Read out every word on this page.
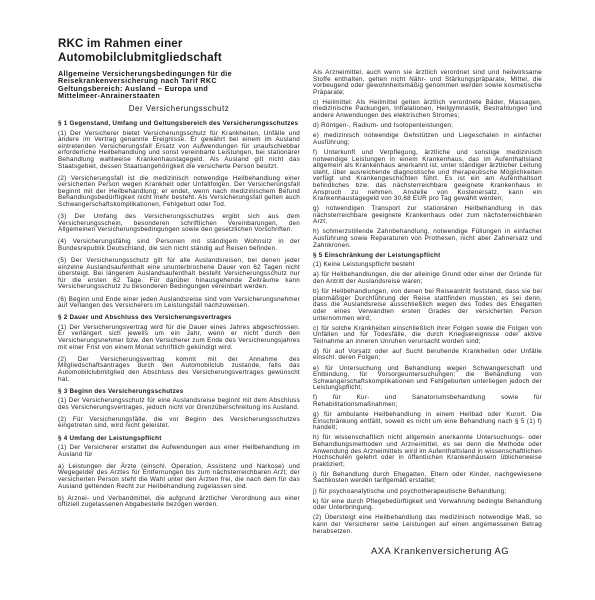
RKC im Rahmen einer
Automobilclubmitgliedschaft
Allgemeine Versicherungsbedingungen für die
Reisekrankenversicherung nach Tarif RKC
Geltungsbereich: Ausland – Europa und
Mittelmeer-Anrainerstaaten
Der Versicherungsschutz

§ 1 Gegenstand, Umfang und Geltungsbereich des Versicherungsschutzes

(1) Der Versicherer bietet Versicherungsschutz für Krankheiten, Unfälle und andere im Vertrag genannte Ereignisse. Er gewährt bei einem im Ausland eintretenden Versicherungsfall Ersatz von Aufwendungen für unaufschiebbar erforderliche Heilbehandlung und sonst vereinbarte Leistungen, bei stationärer Behandlung wahlweise Krankenhaustagegeld. Als Ausland gilt nicht das Staatsgebiet, dessen Staatsangehörigkeit die versicherte Person besitzt.

(2) Versicherungsfall ist die medizinisch notwendige Heilbehandlung einer versicherten Person wegen Krankheit oder Unfallfolgen. Der Versicherungsfall beginnt mit der Heilbehandlung; er endet, wenn nach medizinischem Befund Behandlungsbedürftigkeit nicht mehr besteht. Als Versicherungsfall gelten auch Schwangerschaftskomplikationen, Fehlgeburt oder Tod.

(3) Der Umfang des Versicherungsschutzes ergibt sich aus dem Versicherungsschein, besonderen schriftlichen Vereinbarungen, den Allgemeinen Versicherungsbedingungen sowie den gesetzlichen Vorschriften.

(4) Versicherungsfähig sind Personen mit ständigem Wohnsitz in der Bundesrepublik Deutschland, die sich nicht ständig auf Reisen befinden.

(5) Der Versicherungsschutz gilt für alle Auslandsreisen, bei denen jeder einzelne Auslandsaufenthalt eine ununterbrochene Dauer von 62 Tagen nicht übersteigt. Bei längerem Auslandsaufenthalt besteht Versicherungsschutz nur für die ersten 62 Tage. Für darüber hinausgehende Zeiträume kann Versicherungsschutz zu besonderen Bedingungen vereinbart werden.

(6) Beginn und Ende einer jeden Auslandsreise sind vom Versicherungsnehmer auf Verlangen des Versicherers im Leistungsfall nachzuweisen.

§ 2 Dauer und Abschluss des Versicherungsvertrages

(1) Der Versicherungsvertrag wird für die Dauer eines Jahres abgeschlossen. Er verlängert sich jeweils um ein Jahr, wenn er nicht durch den Versicherungsnehmer bzw. den Versicherer zum Ende des Versicherungsjahres mit einer Frist von einem Monat schriftlich gekündigt wird.

(2) Der Versicherungsvertrag kommt mit der Annahme des Mitgliedschaftsantrages durch den Automobilclub zustande, falls das Automobilclubmitglied den Abschluss des Versicherungsvertrages gewünscht hat.

§ 3 Beginn des Versicherungsschutzes

(1) Der Versicherungsschutz für eine Auslandsreise beginnt mit dem Abschluss des Versicherungsvertrages, jedoch nicht vor Grenzüberschreitung ins Ausland.

(2) Für Versicherungsfälle, die vor Beginn des Versicherungsschutzes eingetreten sind, wird nicht geleistet.

§ 4 Umfang der Leistungspflicht

(1) Der Versicherer erstattet die Aufwendungen aus einer Heilbehandlung im Ausland für

a) Leistungen der Ärzte (einschl. Operation, Assistenz und Narkose) und Wegegelder des Arztes für Entfernungen bis zum nächsterreichbaren Arzt; der versicherten Person steht die Wahl unter den Ärzten frei, die nach dem für das Ausland geltenden Recht zur Heilbehandlung zugelassen sind.

b) Arznei- und Verbandmittel, die aufgrund ärztlicher Verordnung aus einer offiziell zugelassenen Abgabestelle bezogen werden.

Als Arzneimittel, auch wenn sie ärztlich verordnet sind und heilwirksame Stoffe enthalten, gelten nicht Nähr- und Stärkungspräparate, Mittel, die vorbeugend oder gewohnheitsmäßig genommen werden sowie kosmetische Präparate;

c) Heilmittel: Als Heilmittel gelten ärztlich verordnete Bäder, Massagen, medizinische Packungen, Inhalationen, Heilgymnastik, Bestrahlungen und andere Anwendungen des elektrischen Stromes;

d) Röntgen-, Radium- und Isotopenleistungen;

e) medizinisch notwendige Gehstützen und Liegeschalen in einfacher Ausführung;

f) Unterkunft und Verpflegung, ärztliche und sonstige medizinisch notwendige Leistungen in einem Krankenhaus, das im Aufenthaltsland allgemein als Krankenhaus anerkannt ist, unter ständiger ärztlicher Leitung steht, über ausreichende diagnostische und therapeutische Möglichkeiten verfügt und Krankengeschichten führt. Es ist ein am Aufenthaltsort befindliches bzw. das nächsterreichbare geeignete Krankenhaus in Anspruch zu nehmen. Anstelle von Kostenersatz, kann ein Krankenhaustagegeld von 30,68 EUR pro Tag gewählt werden;

g) notwendigen Transport zur stationären Heilbehandlung in das nächsterreichbare geeignete Krankenhaus oder zum nächsterreichbaren Arzt;

h) schmerzstillende Zahnbehandlung, notwendige Füllungen in einfacher Ausführung sowie Reparaturen von Prothesen, nicht aber Zahnersatz und Zahnkronen.

§ 5 Einschränkung der Leistungspflicht

(1) Keine Leistungspflicht besteht

a) für Heilbehandlungen, die der alleinige Grund oder einer der Gründe für den Antritt der Auslandsreise waren;

b) für Heilbehandlungen, von denen bei Reiseantritt feststand, dass sie bei planmäßiger Durchführung der Reise stattfinden mussten, es sei denn, dass die Auslandsreise ausschließlich wegen des Todes des Ehegatten oder eines Verwandten ersten Grades der versicherten Person unternommen wird;

c) für solche Krankheiten einschließlich ihrer Folgen sowie die Folgen von Unfällen und für Todesfälle, die durch Kriegsereignisse oder aktive Teilnahme an inneren Unruhen verursacht worden sind;

d) für auf Vorsatz oder auf Sucht beruhende Krankheiten oder Unfälle einschl. deren Folgen;

e) für Untersuchung und Behandlung wegen Schwangerschaft und Entbindung, für Vorsorgeuntersuchungen; die Behandlung von Schwangerschaftskomplikationen und Fehlgeburten unterliegen jedoch der Leistungspflicht;

f) für Kur- und Sanatoriumsbehandlung sowie für Rehabilitationsmaßnahmen;

g) für ambulante Heilbehandlung in einem Heilbad oder Kurort. Die Einschränkung entfällt, soweit es nicht um eine Behandlung nach § 5 (1) f) handelt;

h) für wissenschaftlich nicht allgemein anerkannte Untersuchungs- oder Behandlungsmethoden und Arzneimittel, es sei denn die Methode oder Anwendung des Arzneimittels wird im Aufenthaltsland in wissenschaftlichen Hochschulen gelehrt oder in öffentlichen Krankenhäusern üblicherweise praktiziert;

i) für Behandlung durch Ehegatten, Eltern oder Kinder, nachgewiesene Sachkosten werden tarifgemäß erstattet;

j) für psychoanalytische und psychotherapeutische Behandlung;

k) für eine durch Pflegebedürftigkeit und Verwahrung bedingte Behandlung oder Unterbringung.

(2) Übersteigt eine Heilbehandlung das medizinisch notwendige Maß, so kann der Versicherer seine Leistungen auf einen angemessenen Betrag herabsetzen.

AXA Krankenversicherung AG
